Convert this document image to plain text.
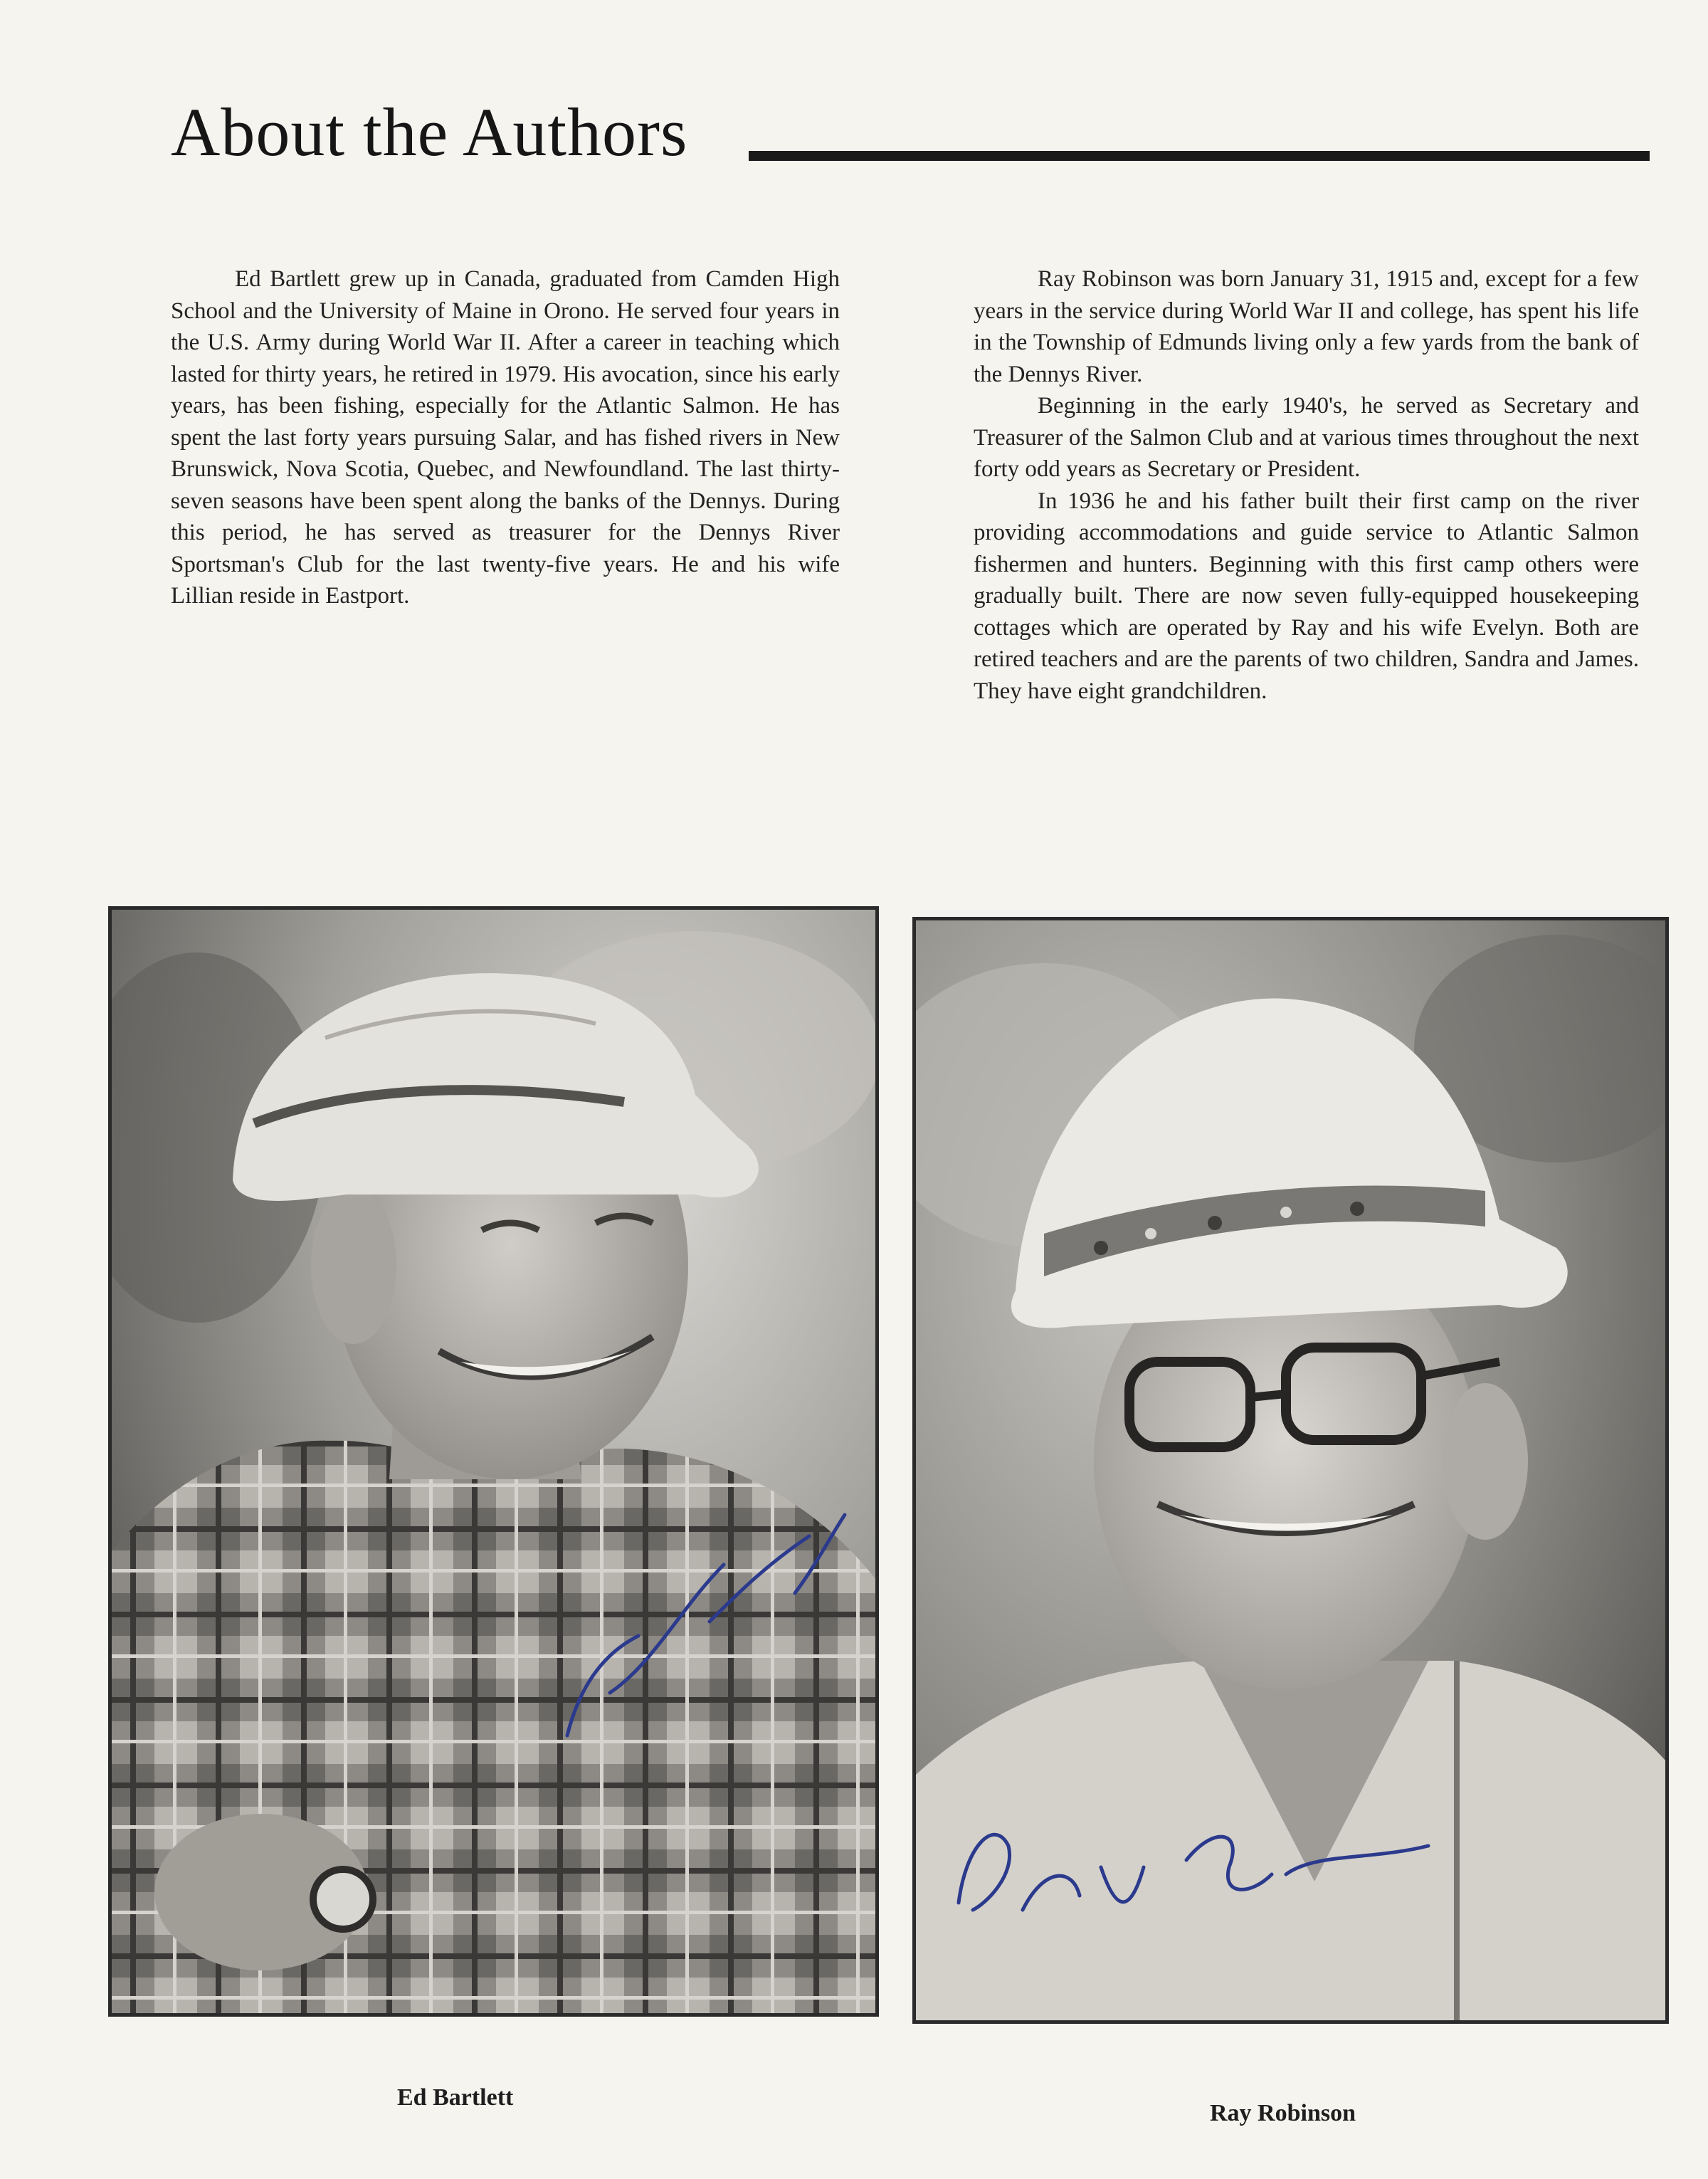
About the Authors

Ed Bartlett grew up in Canada, graduated from Camden High School and the University of Maine in Orono. He served four years in the U.S. Army during World War II. After a career in teaching which lasted for thirty years, he retired in 1979. His avocation, since his early years, has been fishing, especially for the Atlantic Salmon. He has spent the last forty years pursuing Salar, and has fished rivers in New Brunswick, Nova Scotia, Quebec, and Newfoundland. The last thirty-seven seasons have been spent along the banks of the Dennys. During this period, he has served as treasurer for the Dennys River Sportsman's Club for the last twenty-five years. He and his wife Lillian reside in Eastport.

Ray Robinson was born January 31, 1915 and, except for a few years in the service during World War II and college, has spent his life in the Township of Edmunds living only a few yards from the bank of the Dennys River.

Beginning in the early 1940's, he served as Secretary and Treasurer of the Salmon Club and at various times throughout the next forty odd years as Secretary or President.

In 1936 he and his father built their first camp on the river providing accommodations and guide service to Atlantic Salmon fishermen and hunters. Beginning with this first camp others were gradually built. There are now seven fully-equipped housekeeping cottages which are operated by Ray and his wife Evelyn. Both are retired teachers and are the parents of two children, Sandra and James. They have eight grandchildren.

Ed Bartlett
Ray Robinson
